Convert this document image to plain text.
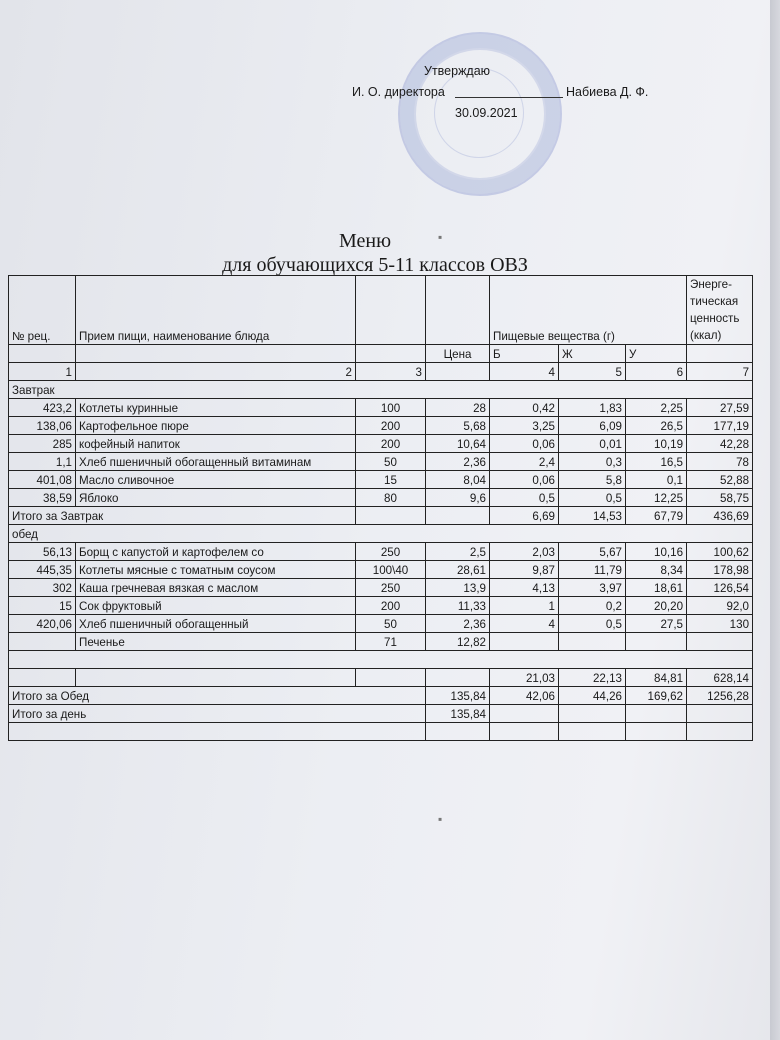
Утверждаю
И. О. директора	Набиева Д. Ф.
30.09.2021
Меню
для обучающихся 5-11 классов ОВЗ
№ рец.	Прием пищи, наименование блюда			Пищевые вещества (г)			Энерге-тическая ценность (ккал)
			Цена	Б	Ж	У	
1	2	3		4	5	6	7
Завтрак							
423,2	Котлеты куринные	100	28	0,42	1,83	2,25	27,59
138,06	Картофельное пюре	200	5,68	3,25	6,09	26,5	177,19
285	кофейный напиток	200	10,64	0,06	0,01	10,19	42,28
1,1	Хлеб пшеничный обогащенный витаминам	50	2,36	2,4	0,3	16,5	78
401,08	Масло сливочное	15	8,04	0,06	5,8	0,1	52,88
38,59	Яблоко	80	9,6	0,5	0,5	12,25	58,75
Итого за Завтрак				6,69	14,53	67,79	436,69
обед							
56,13	Борщ с капустой и картофелем со	250	2,5	2,03	5,67	10,16	100,62
445,35	Котлеты мясные с томатным соусом	100\40	28,61	9,87	11,79	8,34	178,98
302	Каша гречневая вязкая с маслом	250	13,9	4,13	3,97	18,61	126,54
15	Сок фруктовый	200	11,33	1	0,2	20,20	92,0
420,06	Хлеб пшеничный обогащенный	50	2,36	4	0,5	27,5	130
	Печенье	71	12,82				

				21,03	22,13	84,81	628,14
Итого за Обед			135,84	42,06	44,26	169,62	1256,28
Итого за день			135,84				

▪
▪
